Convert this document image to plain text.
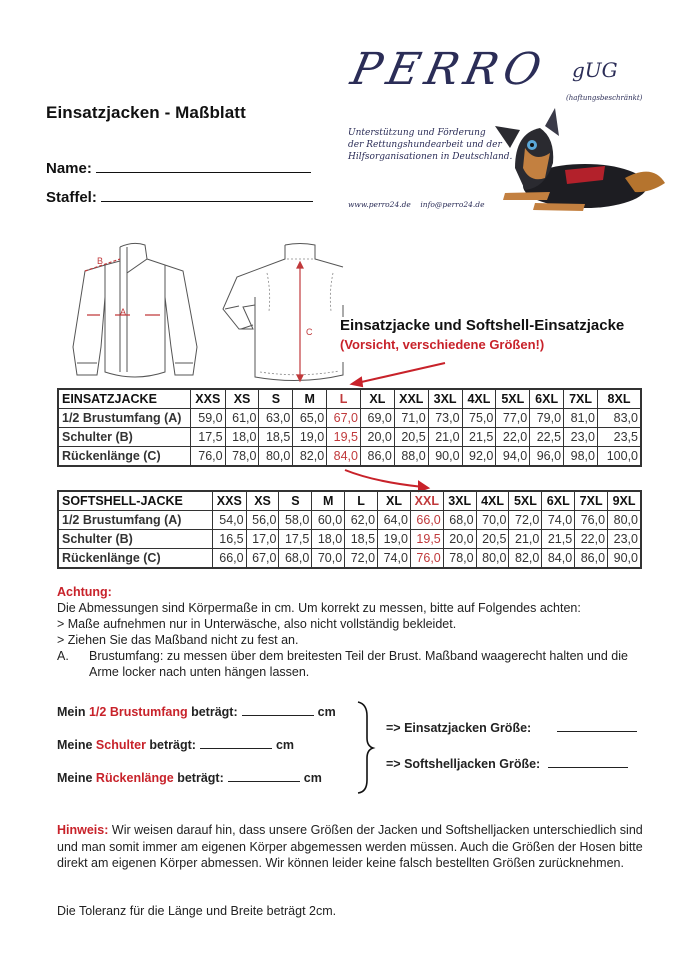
Einsatzjacken - Maßblatt
Name:
Staffel:
PERRO gUG
(haftungsbeschränkt)
Unterstützung und Förderung
der Rettungshundearbeit und der
Hilfsorganisationen in Deutschland.
www.perro24.de info@perro24.de
B
A
C Einsatzjacke und Softshell-Einsatzjacke
(Vorsicht, verschiedene Größen!)
EINSATZJACKE	XXS	XS	S	M	L	XL	XXL	3XL	4XL	5XL	6XL	7XL	8XL
1/2 Brustumfang (A)	59,0	61,0	63,0	65,0	67,0	69,0	71,0	73,0	75,0	77,0	79,0	81,0	83,0
Schulter (B)	17,5	18,0	18,5	19,0	19,5	20,0	20,5	21,0	21,5	22,0	22,5	23,0	23,5
Rückenlänge (C)	76,0	78,0	80,0	82,0	84,0	86,0	88,0	90,0	92,0	94,0	96,0	98,0	100,0
SOFTSHELL-JACKE	XXS	XS	S	M	L	XL	XXL	3XL	4XL	5XL	6XL	7XL	9XL
1/2 Brustumfang (A)	54,0	56,0	58,0	60,0	62,0	64,0	66,0	68,0	70,0	72,0	74,0	76,0	80,0
Schulter (B)	16,5	17,0	17,5	18,0	18,5	19,0	19,5	20,0	20,5	21,0	21,5	22,0	23,0
Rückenlänge (C)	66,0	67,0	68,0	70,0	72,0	74,0	76,0	78,0	80,0	82,0	84,0	86,0	90,0
Achtung:
Die Abmessungen sind Körpermaße in cm. Um korrekt zu messen, bitte auf Folgendes achten:
> Maße aufnehmen nur in Unterwäsche, also nicht vollständig bekleidet.
> Ziehen Sie das Maßband nicht zu fest an.
A.	Brustumfang: zu messen über dem breitesten Teil der Brust. Maßband waagerecht halten und die Arme locker nach unten hängen lassen.
Mein 1/2 Brustumfang beträgt:	cm
Meine Schulter beträgt:	cm
Meine Rückenlänge beträgt:	cm
=> Einsatzjacken Größe:
=> Softshelljacken Größe:
Hinweis: Wir weisen darauf hin, dass unsere Größen der Jacken und Softshelljacken unterschiedlich sind und man somit immer am eigenen Körper abgemessen werden müssen. Auch die Größen der Hosen bitte direkt am eigenen Körper abmessen. Wir können leider keine falsch bestellten Größen zurücknehmen.
Die Toleranz für die Länge und Breite beträgt 2cm.
